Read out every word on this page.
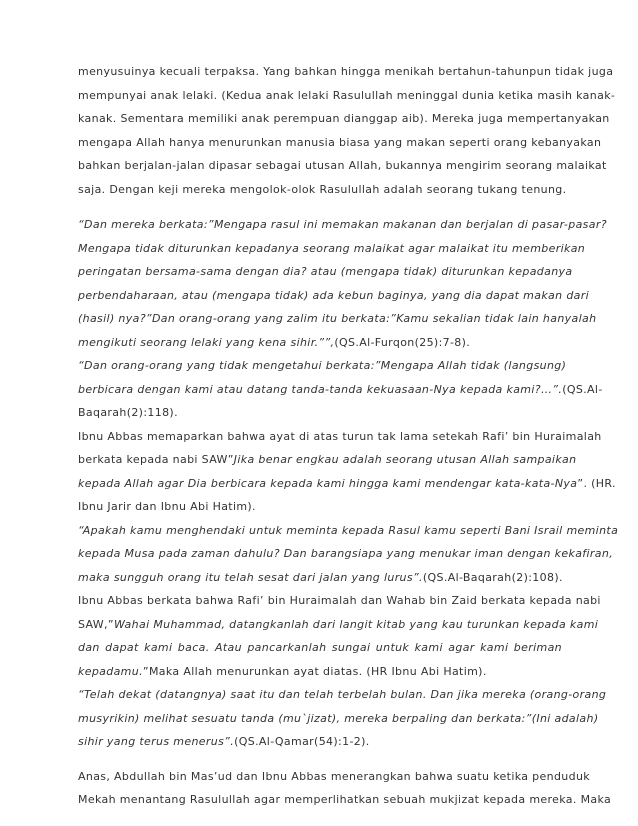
menyusuinya kecuali terpaksa. Yang bahkan hingga menikah bertahun-tahunpun tidak juga
mempunyai anak lelaki. (Kedua anak lelaki Rasulullah meninggal dunia ketika masih kanak-
kanak. Sementara memiliki anak perempuan dianggap aib). Mereka juga mempertanyakan
mengapa Allah hanya menurunkan manusia biasa yang makan seperti orang kebanyakan
bahkan berjalan-jalan dipasar sebagai utusan Allah, bukannya mengirim seorang malaikat
saja. Dengan keji mereka mengolok-olok Rasulullah adalah seorang tukang tenung.
“Dan mereka berkata:”Mengapa rasul ini memakan makanan dan berjalan di pasar-pasar?
Mengapa tidak diturunkan kepadanya seorang malaikat agar malaikat itu memberikan
peringatan bersama-sama dengan dia? atau (mengapa tidak) diturunkan kepadanya
perbendaharaan, atau (mengapa tidak) ada kebun baginya, yang dia dapat makan dari
(hasil) nya?”Dan orang-orang yang zalim itu berkata:”Kamu sekalian tidak lain hanyalah
mengikuti seorang lelaki yang kena sihir.””,(QS.Al-Furqon(25):7-8).
“Dan orang-orang yang tidak mengetahui berkata:”Mengapa Allah tidak (langsung)
berbicara dengan kami atau datang tanda-tanda kekuasaan-Nya kepada kami?…”.(QS.Al-
Baqarah(2):118).
Ibnu Abbas memaparkan bahwa ayat di atas turun tak lama setekah Rafi’ bin Huraimalah
berkata kepada nabi SAW”Jika benar engkau adalah seorang utusan Allah sampaikan
kepada Allah agar Dia berbicara kepada kami hingga kami mendengar kata-kata-Nya”. (HR.
Ibnu Jarir dan Ibnu Abi Hatim).
“Apakah kamu menghendaki untuk meminta kepada Rasul kamu seperti Bani Israil meminta
kepada Musa pada zaman dahulu? Dan barangsiapa yang menukar iman dengan kekafiran,
maka sungguh orang itu telah sesat dari jalan yang lurus”.(QS.Al-Baqarah(2):108).
Ibnu Abbas berkata bahwa Rafi’ bin Huraimalah dan Wahab bin Zaid berkata kepada nabi
SAW,”Wahai Muhammad, datangkanlah dari langit kitab yang kau turunkan kepada kami
dan dapat kami baca. Atau pancarkanlah sungai untuk kami agar kami beriman
kepadamu.”Maka Allah menurunkan ayat diatas. (HR Ibnu Abi Hatim).
“Telah dekat (datangnya) saat itu dan telah terbelah bulan. Dan jika mereka (orang-orang
musyrikin) melihat sesuatu tanda (mu`jizat), mereka berpaling dan berkata:”(Ini adalah)
sihir yang terus menerus”.(QS.Al-Qamar(54):1-2).
Anas, Abdullah bin Mas’ud dan Ibnu Abbas menerangkan bahwa suatu ketika penduduk
Mekah menantang Rasulullah agar memperlihatkan sebuah mukjizat kepada mereka. Maka
